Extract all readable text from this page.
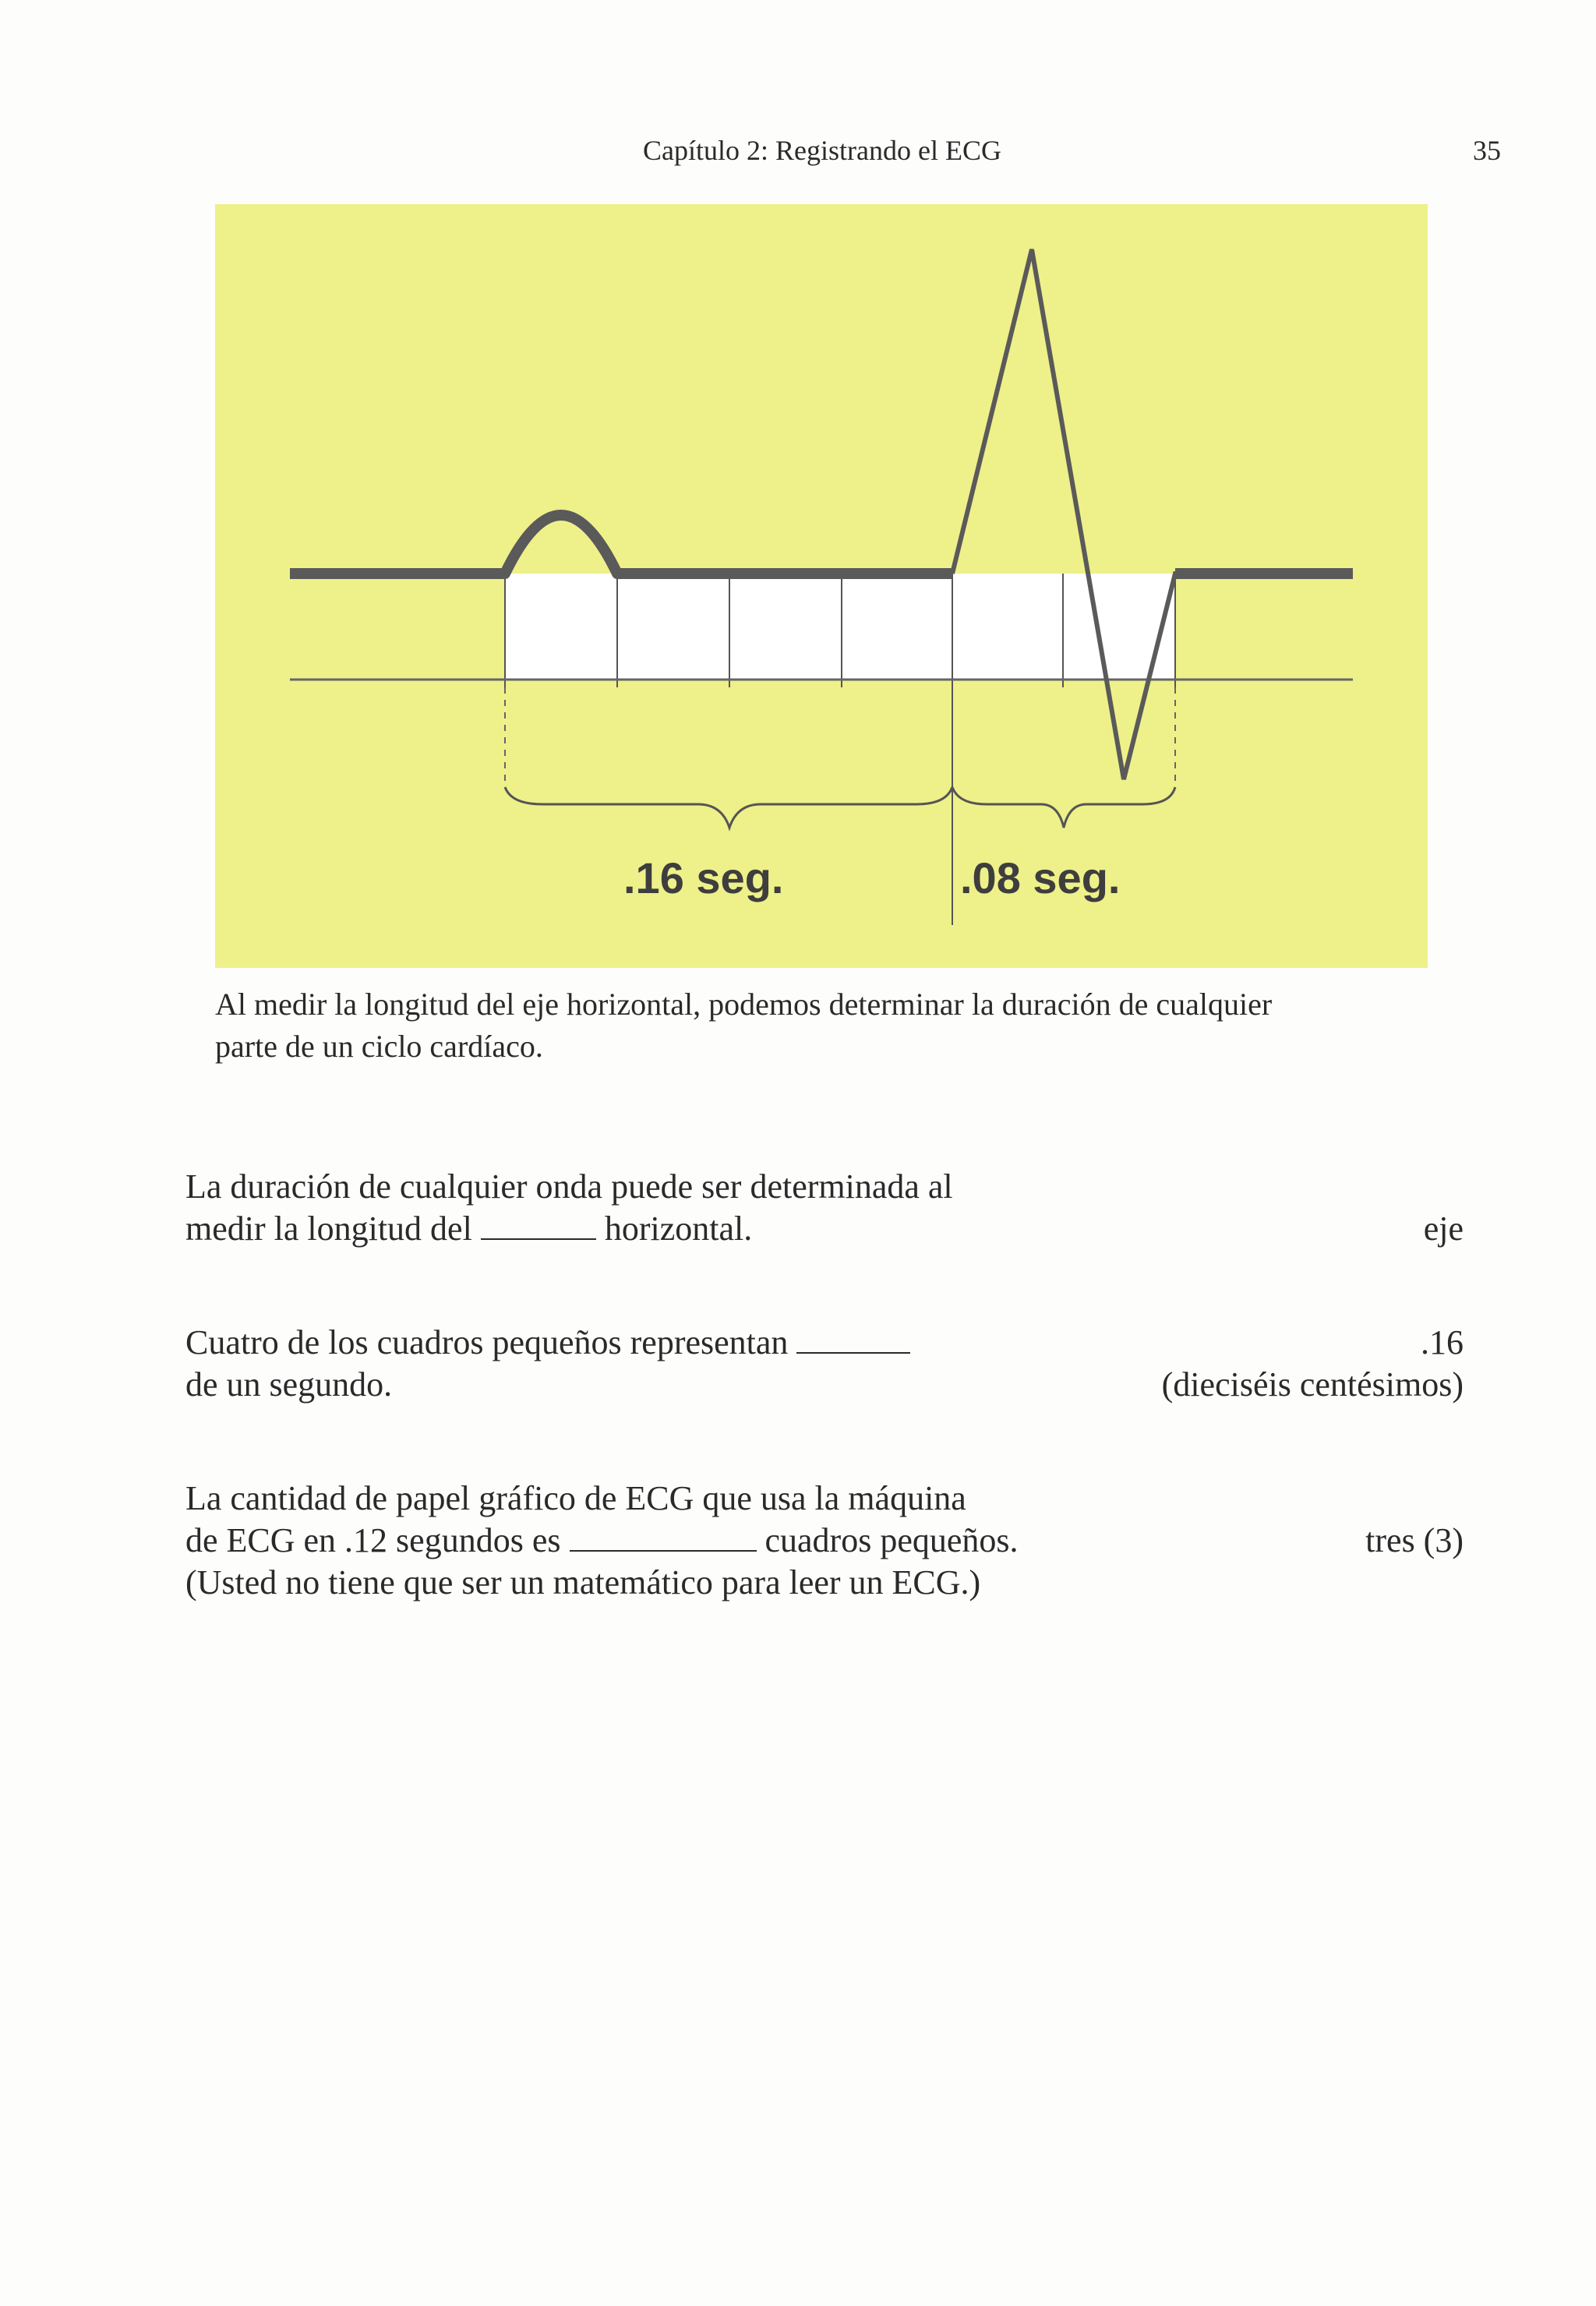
Capítulo 2: Registrando el ECG	35
.16 seg.	.08 seg.
Al medir la longitud del eje horizontal, podemos determinar la duración de cualquier
parte de un ciclo cardíaco.
La duración de cualquier onda puede ser determinada al
medir la longitud del	horizontal.	eje
Cuatro de los cuadros pequeños representan
de un segundo.
.16
(dieciséis centésimos)
La cantidad de papel gráfico de ECG que usa la máquina
de ECG en .12 segundos es	cuadros pequeños.
(Usted no tiene que ser un matemático para leer un ECG.)
tres (3)
